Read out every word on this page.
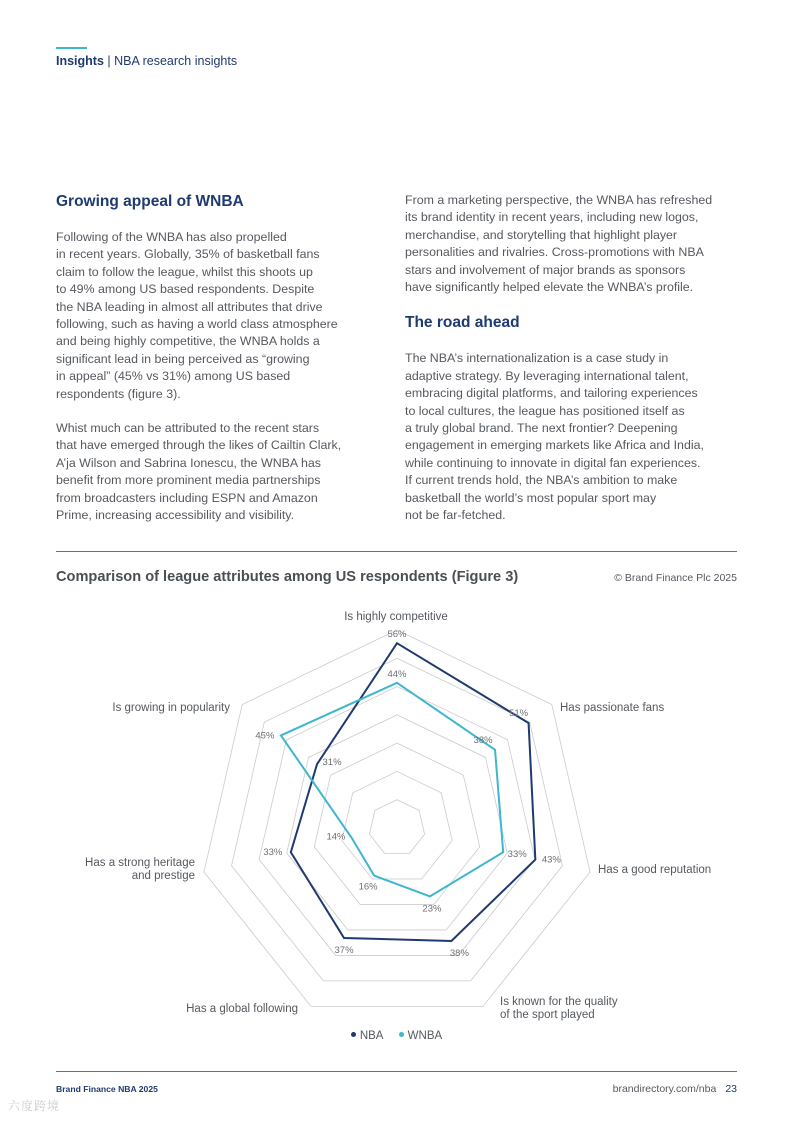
Insights | NBA research insights
Growing appeal of WNBA

Following of the WNBA has also propelled
in recent years. Globally, 35% of basketball fans
claim to follow the league, whilst this shoots up
to 49% among US based respondents. Despite
the NBA leading in almost all attributes that drive
following, such as having a world class atmosphere
and being highly competitive, the WNBA holds a
significant lead in being perceived as “growing
in appeal” (45% vs 31%) among US based
respondents (figure 3).

Whist much can be attributed to the recent stars
that have emerged through the likes of Cailtin Clark,
A’ja Wilson and Sabrina Ionescu, the WNBA has
benefit from more prominent media partnerships
from broadcasters including ESPN and Amazon
Prime, increasing accessibility and visibility.

From a marketing perspective, the WNBA has refreshed
its brand identity in recent years, including new logos,
merchandise, and storytelling that highlight player
personalities and rivalries. Cross-promotions with NBA
stars and involvement of major brands as sponsors
have significantly helped elevate the WNBA’s profile.

The road ahead

The NBA’s internationalization is a case study in
adaptive strategy. By leveraging international talent,
embracing digital platforms, and tailoring experiences
to local cultures, the league has positioned itself as
a truly global brand. The next frontier? Deepening
engagement in emerging markets like Africa and India,
while continuing to innovate in digital fan experiences.
If current trends hold, the NBA’s ambition to make
basketball the world’s most popular sport may
not be far-fetched.

Comparison of league attributes among US respondents (Figure 3)	© Brand Finance Plc 2025
56%
51%
43%
38%
37%
33%
31%
44%
38%
33%
23%
16%
14%
45%
Is highly competitive
Has passionate fans
Has a good reputation
Is known for the quality of the sport played
Has a global following
Has a strong heritage and prestige
Is growing in popularity
NBA WNBA
Brand Finance NBA 2025	brandirectory.com/nba 23
六度跨境
